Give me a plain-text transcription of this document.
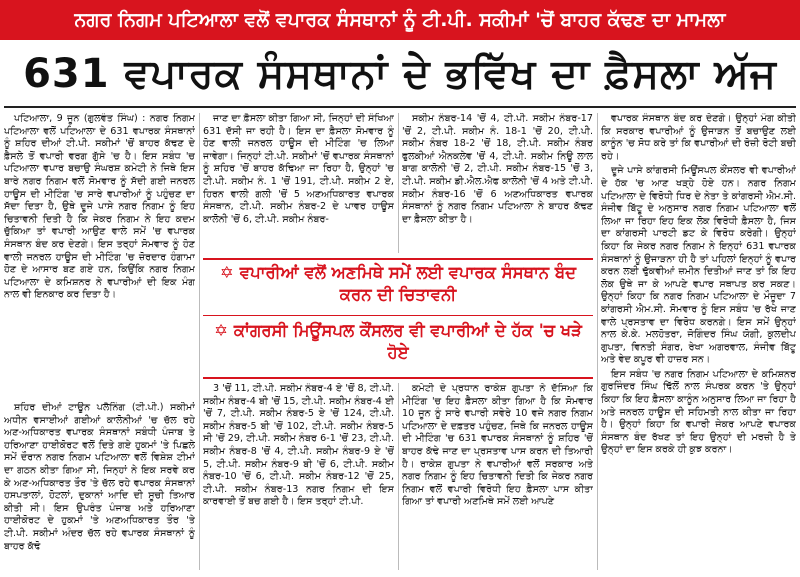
ਨਗਰ ਨਿਗਮ ਪਟਿਆਲਾ ਵਲੋਂ ਵਪਾਰਕ ਸੰਸਥਾਨਾਂ ਨੂੰ ਟੀ.ਪੀ. ਸਕੀਮਾਂ 'ਚੋਂ ਬਾਹਰ ਕੱਢਣ ਦਾ ਮਾਮਲਾ
631 ਵਪਾਰਕ ਸੰਸਥਾਨਾਂ ਦੇ ਭਵਿੱਖ ਦਾ ਫ਼ੈਸਲਾ ਅੱਜ

ਪਟਿਆਲਾ, 9 ਜੂਨ (ਗੁਲਵੰਤ ਸਿੰਘ) : ਨਗਰ ਨਿਗਮ ਪਟਿਆਲਾ ਵਲੋਂ ਪਟਿਆਲਾ ਦੇ 631 ਵਪਾਰਕ ਸੰਸਥਾਨਾਂ ਨੂੰ ਸ਼ਹਿਰ ਦੀਆਂ ਟੀ.ਪੀ. ਸਕੀਮਾਂ 'ਚੋਂ ਬਾਹਰ ਕੱਢਣ ਦੇ ਫ਼ੈਸਲੇ ਤੋਂ ਵਪਾਰੀ ਵਰਗ ਗੁੱਸੇ 'ਚ ਹੈ। ਇਸ ਸਬੰਧ 'ਚ ਪਟਿਆਲਾ ਵਪਾਰ ਬਚਾਉ ਸੰਘਰਸ਼ ਕਮੇਟੀ ਨੇ ਜਿਥੇ ਇਸ ਬਾਰੇ ਨਗਰ ਨਿਗਮ ਵਲੋਂ ਸੋਮਵਾਰ ਨੂੰ ਸੱਦੀ ਗਈ ਜਨਰਲ ਹਾਊਸ ਦੀ ਮੀਟਿੰਗ 'ਚ ਸਾਰੇ ਵਪਾਰੀਆਂ ਨੂੰ ਪਹੁੰਚਣ ਦਾ ਸੱਦਾ ਦਿਤਾ ਹੈ, ਉਥੇ ਦੂਜੇ ਪਾਸੇ ਨਗਰ ਨਿਗਮ ਨੂੰ ਇਹ ਚਿਤਾਵਨੀ ਦਿਤੀ ਹੈ ਕਿ ਜੇਕਰ ਨਿਗਮ ਨੇ ਇਹ ਕਦਮ ਚੁੱਕਿਆ ਤਾਂ ਵਪਾਰੀ ਆਉਣ ਵਾਲੇ ਸਮੇਂ 'ਚ ਵਪਾਰਕ ਸੰਸਥਾਨ ਬੰਦ ਕਰ ਦੇਣਗੇ। ਇਸ ਤਰ੍ਹਾਂ ਸੋਮਵਾਰ ਨੂੰ ਹੋਣ ਵਾਲੀ ਜਨਰਲ ਹਾਊਸ ਦੀ ਮੀਟਿੰਗ 'ਚ ਜ਼ੋਰਦਾਰ ਹੰਗਾਮਾ ਹੋਣ ਦੇ ਆਸਾਰ ਬਣ ਗਏ ਹਨ, ਕਿਉਂਕਿ ਨਗਰ ਨਿਗਮ ਪਟਿਆਲਾ ਦੇ ਕਮਿਸ਼ਨਰ ਨੇ ਵਪਾਰੀਆਂ ਦੀ ਇਕ ਮੰਗ ਨਾਲ ਵੀ ਇਨਕਾਰ ਕਰ ਦਿਤਾ ਹੈ।

ਸ਼ਹਿਰ ਦੀਆਂ ਟਾਊਨ ਪਲੈਨਿੰਗ (ਟੀ.ਪੀ.) ਸਕੀਮਾਂ ਅਧੀਨ ਵਸਾਈਆਂ ਗਈਆਂ ਕਾਲੋਨੀਆਂ 'ਚ ਚੱਲ ਰਹੇ ਅਣ-ਅਧਿਕਾਰਤ ਵਪਾਰਕ ਸੰਸਥਾਨਾਂ ਸਬੰਧੀ ਪੰਜਾਬ ਤੇ ਹਰਿਆਣਾ ਹਾਈਕੋਰਟ ਵਲੋਂ ਦਿਤੇ ਗਏ ਹੁਕਮਾਂ 'ਤੇ ਪਿਛਲੇ ਸਮੇਂ ਦੌਰਾਨ ਨਗਰ ਨਿਗਮ ਪਟਿਆਲਾ ਵਲੋਂ ਵਿਸ਼ੇਸ਼ ਟੀਮਾਂ ਦਾ ਗਠਨ ਕੀਤਾ ਗਿਆ ਸੀ, ਜਿਨ੍ਹਾਂ ਨੇ ਇਕ ਸਰਵੇ ਕਰ ਕੇ ਅਣ-ਅਧਿਕਾਰਤ ਤੌਰ 'ਤੇ ਚੱਲ ਰਹੇ ਵਪਾਰਕ ਸੰਸਥਾਨਾਂ ਹਸਪਤਾਲਾਂ, ਹੋਟਲਾਂ, ਦੁਕਾਨਾਂ ਆਦਿ ਦੀ ਸੂਚੀ ਤਿਆਰ ਕੀਤੀ ਸੀ। ਇਸ ਉਪਰੰਤ ਪੰਜਾਬ ਅਤੇ ਹਰਿਆਣਾ ਹਾਈਕੋਰਟ ਦੇ ਹੁਕਮਾਂ 'ਤੇ ਅਣਅਧਿਕਾਰਤ ਤੌਰ 'ਤੇ ਟੀ.ਪੀ. ਸਕੀਮਾਂ ਅੰਦਰ ਚੱਲ ਰਹੇ ਵਪਾਰਕ ਸੰਸਥਾਨਾਂ ਨੂੰ ਬਾਹਰ ਕੱਢੋ

ਜਾਣ ਦਾ ਫ਼ੈਸਲਾ ਕੀਤਾ ਗਿਆ ਸੀ, ਜਿਨ੍ਹਾਂ ਦੀ ਸੰਖਿਆ 631 ਦੱਸੀ ਜਾ ਰਹੀ ਹੈ। ਇਸ ਦਾ ਫ਼ੈਸਲਾ ਸੋਮਵਾਰ ਨੂੰ ਹੋਣ ਵਾਲੀ ਜਨਰਲ ਹਾਊਸ ਦੀ ਮੀਟਿੰਗ 'ਚ ਲਿਆ ਜਾਵੇਗਾ। ਜਿਨ੍ਹਾਂ ਟੀ.ਪੀ. ਸਕੀਮਾਂ 'ਚੋਂ ਵਪਾਰਕ ਸੰਸਥਾਨਾਂ ਨੂੰ ਸ਼ਹਿਰ 'ਚੋਂ ਬਾਹਰ ਕੱਢਿਆ ਜਾ ਰਿਹਾ ਹੈ, ਉਨ੍ਹਾਂ 'ਚ ਟੀ.ਪੀ. ਸਕੀਮ ਨੰ. 1 'ਚੋਂ 191, ਟੀ.ਪੀ. ਸਕੀਮ 2 ਏ, ਹਿਰਨ ਵਾਲੀ ਗਲੀ 'ਚੋਂ 5 ਅਣਅਧਿਕਾਰਤ ਵਪਾਰਕ ਸੰਸਥਾਨ, ਟੀ.ਪੀ. ਸਕੀਮ ਨੰਬਰ-2 ਦੇ ਪਾਵਰ ਹਾਊਸ ਕਾਲੋਨੀ 'ਚੋਂ 6, ਟੀ.ਪੀ. ਸਕੀਮ ਨੰਬਰ-

ਸਕੀਮ ਨੰਬਰ-14 'ਚੋਂ 4, ਟੀ.ਪੀ. ਸਕੀਮ ਨੰਬਰ-17 'ਚੋਂ 2, ਟੀ.ਪੀ. ਸਕੀਮ ਨੰ. 18-1 'ਚੋਂ 20, ਟੀ.ਪੀ. ਸਕੀਮ ਨੰਬਰ 18-2 'ਚੋਂ 18, ਟੀ.ਪੀ. ਸਕੀਮ ਨੰਬਰ ਫੁਲਕੀਆਂ ਐਨਕਲੇਵ 'ਚੋਂ 4, ਟੀ.ਪੀ. ਸਕੀਮ ਨਿਊ ਲਾਲ ਬਾਗ ਕਾਲੋਨੀ 'ਚੋਂ 2, ਟੀ.ਪੀ. ਸਕੀਮ ਨੰਬਰ-15 'ਚੋਂ 3, ਟੀ.ਪੀ. ਸਕੀਮ ਡੀ.ਐਲ.ਐਫ ਕਾਲੋਨੀ 'ਚੋਂ 4 ਅਤੇ ਟੀ.ਪੀ. ਸਕੀਮ ਨੰਬਰ-16 'ਚੋਂ 6 ਅਣਅਧਿਕਾਰਤ ਵਪਾਰਕ ਸੰਸਥਾਨਾਂ ਨੂੰ ਨਗਰ ਨਿਗਮ ਪਟਿਆਲਾ ਨੇ ਬਾਹਰ ਕੱਢਣ ਦਾ ਫ਼ੈਸਲਾ ਕੀਤਾ ਹੈ।

✡ ਵਪਾਰੀਆਂ ਵਲੋਂ ਅਣਮਿਥੇ ਸਮੇਂ ਲਈ ਵਪਾਰਕ ਸੰਸਥਾਨ ਬੰਦ ਕਰਨ ਦੀ ਚਿਤਾਵਨੀ
✡ ਕਾਂਗਰਸੀ ਮਿਊਂਸਪਲ ਕੌਂਸਲਰ ਵੀ ਵਪਾਰੀਆਂ ਦੇ ਹੱਕ 'ਚ ਖੜੇ ਹੋਏ

3 'ਚੋਂ 11, ਟੀ.ਪੀ. ਸਕੀਮ ਨੰਬਰ-4 ਏ 'ਚੋਂ 8, ਟੀ.ਪੀ. ਸਕੀਮ ਨੰਬਰ-4 ਬੀ 'ਚੋਂ 15, ਟੀ.ਪੀ. ਸਕੀਮ ਨੰਬਰ-4 ਈ 'ਚੋਂ 7, ਟੀ.ਪੀ. ਸਕੀਮ ਨੰਬਰ-5 ਏ 'ਚੋਂ 124, ਟੀ.ਪੀ. ਸਕੀਮ ਨੰਬਰ-5 ਬੀ 'ਚੋਂ 102, ਟੀ.ਪੀ. ਸਕੀਮ ਨੰਬਰ-5 ਸੀ 'ਚੋਂ 29, ਟੀ.ਪੀ. ਸਕੀਮ ਨੰਬਰ 6-1 'ਚੋਂ 23, ਟੀ.ਪੀ. ਸਕੀਮ ਨੰਬਰ-8 'ਚੋਂ 4, ਟੀ.ਪੀ. ਸਕੀਮ ਨੰਬਰ-9 ਏ 'ਚੋਂ 5, ਟੀ.ਪੀ. ਸਕੀਮ ਨੰਬਰ-9 ਬੀ 'ਚੋਂ 6, ਟੀ.ਪੀ. ਸਕੀਮ ਨੰਬਰ-10 'ਚੋਂ 6, ਟੀ.ਪੀ. ਸਕੀਮ ਨੰਬਰ-12 'ਚੋਂ 25, ਟੀ.ਪੀ. ਸਕੀਮ ਨੰਬਰ-13 ਨਗਰ ਨਿਗਮ ਦੀ ਇਸ ਕਾਰਵਾਈ ਤੋਂ ਬਚ ਗਈ ਹੈ। ਇਸ ਤਰ੍ਹਾਂ ਟੀ.ਪੀ.

ਕਮੇਟੀ ਦੇ ਪ੍ਰਧਾਨ ਰਾਕੇਸ਼ ਗੁਪਤਾ ਨੇ ਦੱਸਿਆ ਕਿ ਮੀਟਿੰਗ 'ਚ ਇਹ ਫ਼ੈਸਲਾ ਕੀਤਾ ਗਿਆ ਹੈ ਕਿ ਸੋਮਵਾਰ 10 ਜੂਨ ਨੂੰ ਸਾਰੇ ਵਪਾਰੀ ਸਵੇਰੇ 10 ਵਜੇ ਨਗਰ ਨਿਗਮ ਪਟਿਆਲਾ ਦੇ ਦਫ਼ਤਰ ਪਹੁੰਚਣ, ਜਿਥੇ ਕਿ ਜਨਰਲ ਹਾਊਸ ਦੀ ਮੀਟਿੰਗ 'ਚ 631 ਵਪਾਰਕ ਸੰਸਥਾਨਾਂ ਨੂੰ ਸ਼ਹਿਰ 'ਚੋਂ ਬਾਹਰ ਕੱਢੇ ਜਾਣ ਦਾ ਪ੍ਰਸਤਾਵ ਪਾਸ ਕਰਨ ਦੀ ਤਿਆਰੀ ਹੈ। ਰਾਕੇਸ਼ ਗੁਪਤਾ ਨੇ ਵਪਾਰੀਆਂ ਵਲੋਂ ਸਰਕਾਰ ਅਤੇ ਨਗਰ ਨਿਗਮ ਨੂੰ ਇਹ ਚਿਤਾਵਨੀ ਦਿਤੀ ਕਿ ਜੇਕਰ ਨਗਰ ਨਿਗਮ ਵਲੋਂ ਵਪਾਰੀ ਵਿਰੋਧੀ ਇਹ ਫ਼ੈਸਲਾ ਪਾਸ ਕੀਤਾ ਗਿਆ ਤਾਂ ਵਪਾਰੀ ਅਣਮਿਥੇ ਸਮੇਂ ਲਈ ਆਪਣੇ

ਵਪਾਰਕ ਸੰਸਥਾਨ ਬੰਦ ਕਰ ਦੇਣਗੇ। ਉਨ੍ਹਾਂ ਮੰਗ ਕੀਤੀ ਕਿ ਸਰਕਾਰ ਵਪਾਰੀਆਂ ਨੂੰ ਉਜਾੜਨ ਤੋਂ ਬਚਾਉਣ ਲਈ ਕਾਨੂੰਨ 'ਚ ਸੋਧ ਕਰੇ ਤਾਂ ਕਿ ਵਪਾਰੀਆਂ ਦੀ ਰੋਜ਼ੀ ਰੋਟੀ ਬਚੀ ਰਹੇ।

ਦੂਜੇ ਪਾਸੇ ਕਾਂਗਰਸੀ ਮਿਊਂਸਪਲ ਕੌਂਸਲਰ ਵੀ ਵਪਾਰੀਆਂ ਦੇ ਹੱਕ 'ਚ ਆਣ ਖੜ੍ਹੇ ਹੋਏ ਹਨ। ਨਗਰ ਨਿਗਮ ਪਟਿਆਲਾ ਦੇ ਵਿਰੋਧੀ ਧਿਰ ਦੇ ਨੇਤਾ ਤੇ ਕਾਂਗਰਸੀ ਐਮ.ਸੀ. ਸੰਜੀਵ ਬਿੱਟੂ ਦੇ ਅਨੁਸਾਰ ਨਗਰ ਨਿਗਮ ਪਟਿਆਲਾ ਵਲੋਂ ਲਿਆ ਜਾ ਰਿਹਾ ਇਹ ਇਕ ਲੋਕ ਵਿਰੋਧੀ ਫ਼ੈਸਲਾ ਹੈ, ਜਿਸ ਦਾ ਕਾਂਗਰਸੀ ਪਾਰਟੀ ਡਟ ਕੇ ਵਿਰੋਧ ਕਰੇਗੀ। ਉਨ੍ਹਾਂ ਕਿਹਾ ਕਿ ਜੇਕਰ ਨਗਰ ਨਿਗਮ ਨੇ ਇਨ੍ਹਾਂ 631 ਵਪਾਰਕ ਸੰਸਥਾਨਾਂ ਨੂੰ ਉਜਾੜਨਾ ਹੀ ਹੈ ਤਾਂ ਪਹਿਲਾਂ ਇਨ੍ਹਾਂ ਨੂੰ ਵਪਾਰ ਕਰਨ ਲਈ ਢੁੱਕਵੀਆਂ ਜ਼ਮੀਨ ਦਿਤੀਆਂ ਜਾਣ ਤਾਂ ਕਿ ਇਹ ਲੋਕ ਉਥੇ ਜਾ ਕੇ ਆਪਣੇ ਵਪਾਰ ਸਥਾਪਤ ਕਰ ਸਕਣ। ਉਨ੍ਹਾਂ ਕਿਹਾ ਕਿ ਨਗਰ ਨਿਗਮ ਪਟਿਆਲਾ ਦੇ ਮੌਜੂਦਾ 7 ਕਾਂਗਰਸੀ ਐਮ.ਸੀ. ਸੋਮਵਾਰ ਨੂੰ ਇਸ ਸਬੰਧ 'ਚ ਰੱਖੇ ਜਾਣ ਵਾਲੇ ਪ੍ਰਸਤਾਵ ਦਾ ਵਿਰੋਧ ਕਰਨਗੇ। ਇਸ ਸਮੇਂ ਉਨ੍ਹਾਂ ਨਾਲ ਕੇ.ਕੇ. ਮਲਹੋਤਰਾ, ਜੋਗਿੰਦਰ ਸਿੰਘ ਯੋਗੀ, ਕੁਲਦੀਪ ਗੁਪਤਾ, ਵਿਨਤੀ ਸੰਗਰ, ਰੇਖਾ ਅਗਰਵਾਲ, ਸੰਜੀਵ ਬਿੱਟੂ ਅਤੇ ਵੇਦ ਕਪੂਰ ਵੀ ਹਾਜ਼ਰ ਸਨ।

ਇਸ ਸਬੰਧ 'ਚ ਨਗਰ ਨਿਗਮ ਪਟਿਆਲਾ ਦੇ ਕਮਿਸ਼ਨਰ ਗੁਰਜਿੰਦਰ ਸਿੰਘ ਢਿੱਲੋਂ ਨਾਲ ਸੰਪਰਕ ਕਰਨ 'ਤੇ ਉਨ੍ਹਾਂ ਕਿਹਾ ਕਿ ਇਹ ਫ਼ੈਸਲਾ ਕਾਨੂੰਨ ਅਨੁਸਾਰ ਲਿਆ ਜਾ ਰਿਹਾ ਹੈ ਅਤੇ ਜਨਰਲ ਹਾਊਸ ਦੀ ਸਹਿਮਤੀ ਨਾਲ ਕੀਤਾ ਜਾ ਰਿਹਾ ਹੈ। ਉਨ੍ਹਾਂ ਕਿਹਾ ਕਿ ਵਪਾਰੀ ਜੇਕਰ ਆਪਣੇ ਵਪਾਰਕ ਸੰਸਥਾਨ ਬੰਦ ਰੱਖਣ ਤਾਂ ਇਹ ਉਨ੍ਹਾਂ ਦੀ ਮਰਜ਼ੀ ਹੈ ਤੇ ਉਨ੍ਹਾਂ ਦਾ ਇਸ ਕਰਕੇ ਹੀ ਕੁਝ ਕਰਨਾ।
